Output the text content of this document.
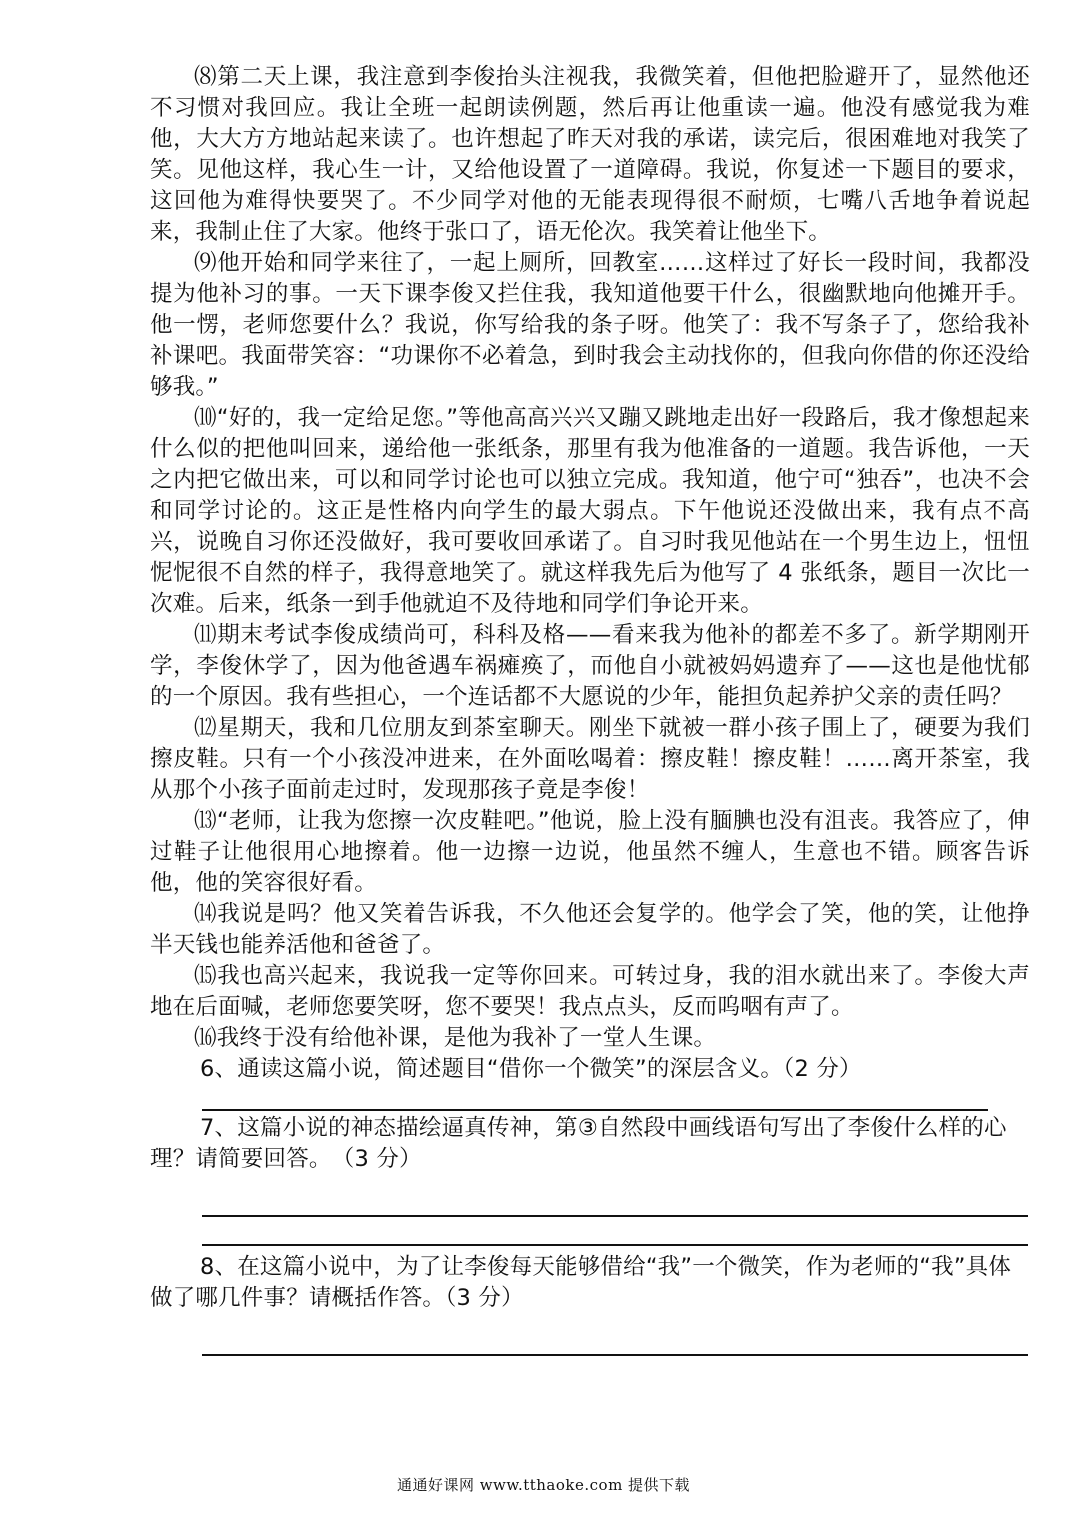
⑻第二天上课，我注意到李俊抬头注视我，我微笑着，但他把脸避开了，显然他还不习惯对我回应。我让全班一起朗读例题，然后再让他重读一遍。他没有感觉我为难他，大大方方地站起来读了。也许想起了昨天对我的承诺，读完后，很困难地对我笑了笑。见他这样，我心生一计，又给他设置了一道障碍。我说，你复述一下题目的要求，这回他为难得快要哭了。不少同学对他的无能表现得很不耐烦，七嘴八舌地争着说起来，我制止住了大家。他终于张口了，语无伦次。我笑着让他坐下。

⑼他开始和同学来往了，一起上厕所，回教室……这样过了好长一段时间，我都没提为他补习的事。一天下课李俊又拦住我，我知道他要干什么，很幽默地向他摊开手。他一愣，老师您要什么？我说，你写给我的条子呀。他笑了：我不写条子了，您给我补补课吧。我面带笑容：“功课你不必着急，到时我会主动找你的，但我向你借的你还没给够我。”

⑽“好的，我一定给足您。”等他高高兴兴又蹦又跳地走出好一段路后，我才像想起来什么似的把他叫回来，递给他一张纸条，那里有我为他准备的一道题。我告诉他，一天之内把它做出来，可以和同学讨论也可以独立完成。我知道，他宁可“独吞”，也决不会和同学讨论的。这正是性格内向学生的最大弱点。下午他说还没做出来，我有点不高兴，说晚自习你还没做好，我可要收回承诺了。自习时我见他站在一个男生边上，忸忸怩怩很不自然的样子，我得意地笑了。就这样我先后为他写了 4 张纸条，题目一次比一次难。后来，纸条一到手他就迫不及待地和同学们争论开来。

⑾期末考试李俊成绩尚可，科科及格——看来我为他补的都差不多了。新学期刚开学，李俊休学了，因为他爸遇车祸瘫痪了，而他自小就被妈妈遗弃了——这也是他忧郁的一个原因。我有些担心，一个连话都不大愿说的少年，能担负起养护父亲的责任吗？

⑿星期天，我和几位朋友到茶室聊天。刚坐下就被一群小孩子围上了，硬要为我们擦皮鞋。只有一个小孩没冲进来，在外面吆喝着：擦皮鞋！擦皮鞋！……离开茶室，我从那个小孩子面前走过时，发现那孩子竟是李俊！

⒀“老师，让我为您擦一次皮鞋吧。”他说，脸上没有腼腆也没有沮丧。我答应了，伸过鞋子让他很用心地擦着。他一边擦一边说，他虽然不缠人，生意也不错。顾客告诉他，他的笑容很好看。

⒁我说是吗？他又笑着告诉我，不久他还会复学的。他学会了笑，他的笑，让他挣半天钱也能养活他和爸爸了。

⒂我也高兴起来，我说我一定等你回来。可转过身，我的泪水就出来了。李俊大声地在后面喊，老师您要笑呀，您不要哭！我点点头，反而呜咽有声了。

⒃我终于没有给他补课，是他为我补了一堂人生课。

6、通读这篇小说，简述题目“借你一个微笑”的深层含义。（2 分）

7、这篇小说的神态描绘逼真传神，第③自然段中画线语句写出了李俊什么样的心理？请简要回答。　（3 分）

8、在这篇小说中，为了让李俊每天能够借给“我”一个微笑，作为老师的“我”具体做了哪几件事？请概括作答。（3 分）

通通好课网 www.tthaoke.com 提供下载
